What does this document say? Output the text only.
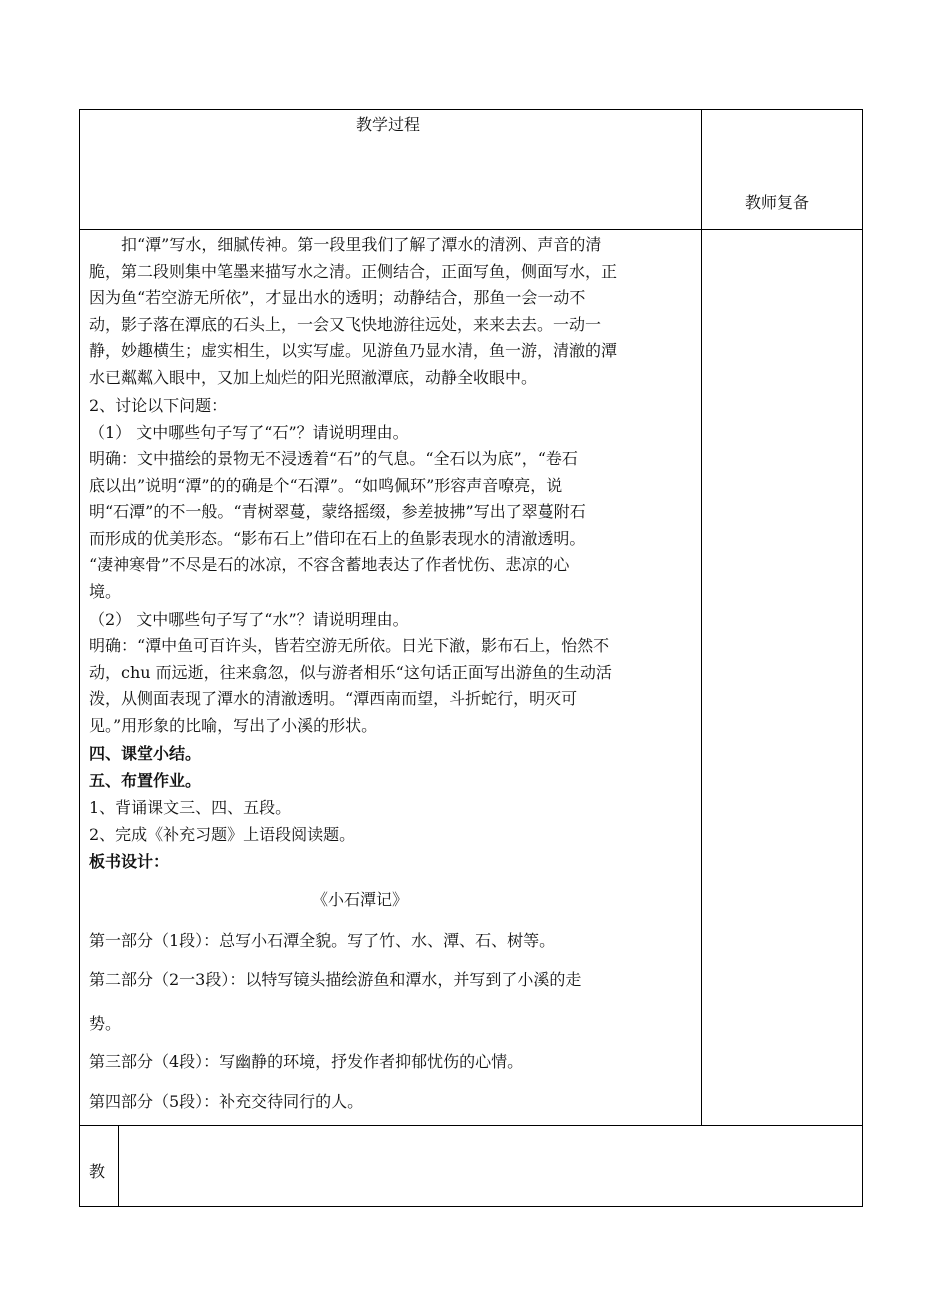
教学过程
教师复备
扣“潭”写水，细腻传神。第一段里我们了解了潭水的清洌、声音的清
脆，第二段则集中笔墨来描写水之清。正侧结合，正面写鱼，侧面写水，正
因为鱼“若空游无所依”，才显出水的透明；动静结合，那鱼一会一动不
动，影子落在潭底的石头上，一会又飞快地游往远处，来来去去。一动一
静，妙趣横生；虚实相生，以实写虚。见游鱼乃显水清，鱼一游，清澈的潭
水已粼粼入眼中，又加上灿烂的阳光照澈潭底，动静全收眼中。
2、讨论以下问题：
（1） 文中哪些句子写了“石”？请说明理由。
明确：文中描绘的景物无不浸透着“石”的气息。“全石以为底”，“卷石
底以出”说明“潭”的的确是个“石潭”。“如鸣佩环”形容声音嘹亮，说
明“石潭”的不一般。“青树翠蔓，蒙络摇缀，参差披拂”写出了翠蔓附石
而形成的优美形态。“影布石上”借印在石上的鱼影表现水的清澈透明。
“凄神寒骨”不尽是石的冰凉，不容含蓄地表达了作者忧伤、悲凉的心
境。
（2） 文中哪些句子写了“水”？请说明理由。
明确：“潭中鱼可百许头，皆若空游无所依。日光下澈，影布石上，怡然不
动，chu 而远逝，往来翕忽，似与游者相乐“这句话正面写出游鱼的生动活
泼，从侧面表现了潭水的清澈透明。“潭西南而望，斗折蛇行，明灭可
见。”用形象的比喻，写出了小溪的形状。
四、课堂小结。
五、布置作业。
1、背诵课文三、四、五段。
2、完成《补充习题》上语段阅读题。
板书设计：
《小石潭记》
第一部分（1段）：总写小石潭全貌。写了竹、水、潭、石、树等。
第二部分（2一3段）：以特写镜头描绘游鱼和潭水，并写到了小溪的走
势。
第三部分（4段）：写幽静的环境，抒发作者抑郁忧伤的心情。
第四部分（5段）：补充交待同行的人。
教
